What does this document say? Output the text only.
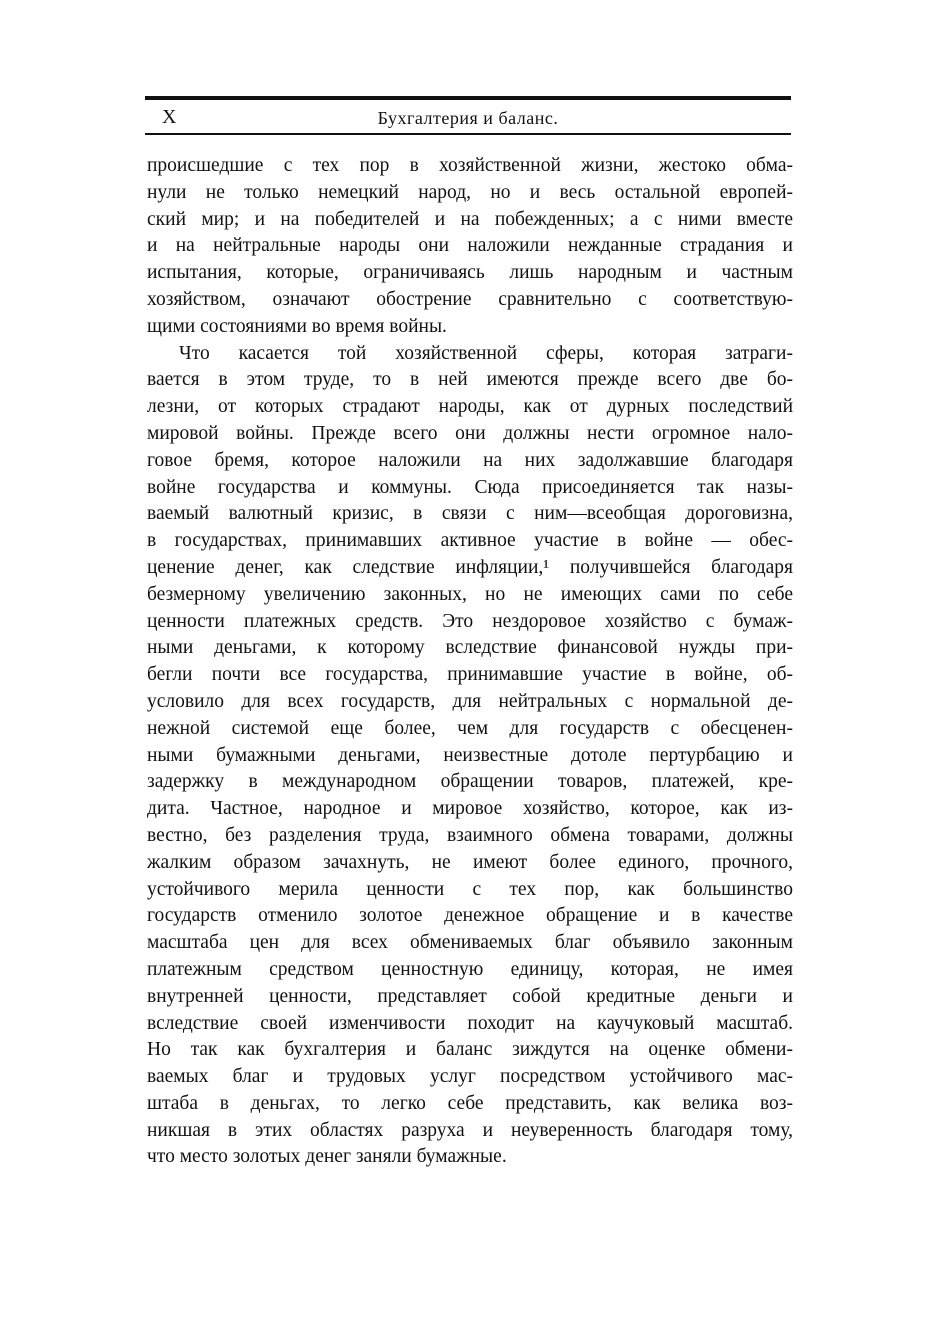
X	Бухгалтерия и баланс.
происшедшие с тех пор в хозяйственной жизни, жестоко обма-
нули не только немецкий народ, но и весь остальной европей-
ский мир; и на победителей и на побежденных; а с ними вместе
и на нейтральные народы они наложили нежданные страдания и
испытания, которые, ограничиваясь лишь народным и частным
хозяйством, означают обострение сравнительно с соответствую-
щими состояниями во время войны.
Что касается той хозяйственной сферы, которая затраги-
вается в этом труде, то в ней имеются прежде всего две бо-
лезни, от которых страдают народы, как от дурных последствий
мировой войны. Прежде всего они должны нести огромное нало-
говое бремя, которое наложили на них задолжавшие благодаря
войне государства и коммуны. Сюда присоединяется так назы-
ваемый валютный кризис, в связи с ним—всеобщая дороговизна,
в государствах, принимавших активное участие в войне — обес-
ценение денег, как следствие инфляции,¹ получившейся благодаря
безмерному увеличению законных, но не имеющих сами по себе
ценности платежных средств. Это нездоровое хозяйство с бумаж-
ными деньгами, к которому вследствие финансовой нужды при-
бегли почти все государства, принимавшие участие в войне, об-
условило для всех государств, для нейтральных с нормальной де-
нежной системой еще более, чем для государств с обесценен-
ными бумажными деньгами, неизвестные дотоле пертурбацию и
задержку в международном обращении товаров, платежей, кре-
дита. Частное, народное и мировое хозяйство, которое, как из-
вестно, без разделения труда, взаимного обмена товарами, должны
жалким образом зачахнуть, не имеют более единого, прочного,
устойчивого мерила ценности с тех пор, как большинство
государств отменило золотое денежное обращение и в качестве
масштаба цен для всех обмениваемых благ объявило законным
платежным средством ценностную единицу, которая, не имея
внутренней ценности, представляет собой кредитные деньги и
вследствие своей изменчивости походит на каучуковый масштаб.
Но так как бухгалтерия и баланс зиждутся на оценке обмени-
ваемых благ и трудовых услуг посредством устойчивого мас-
штаба в деньгах, то легко себе представить, как велика воз-
никшая в этих областях разруха и неуверенность благодаря тому,
что место золотых денег заняли бумажные.
